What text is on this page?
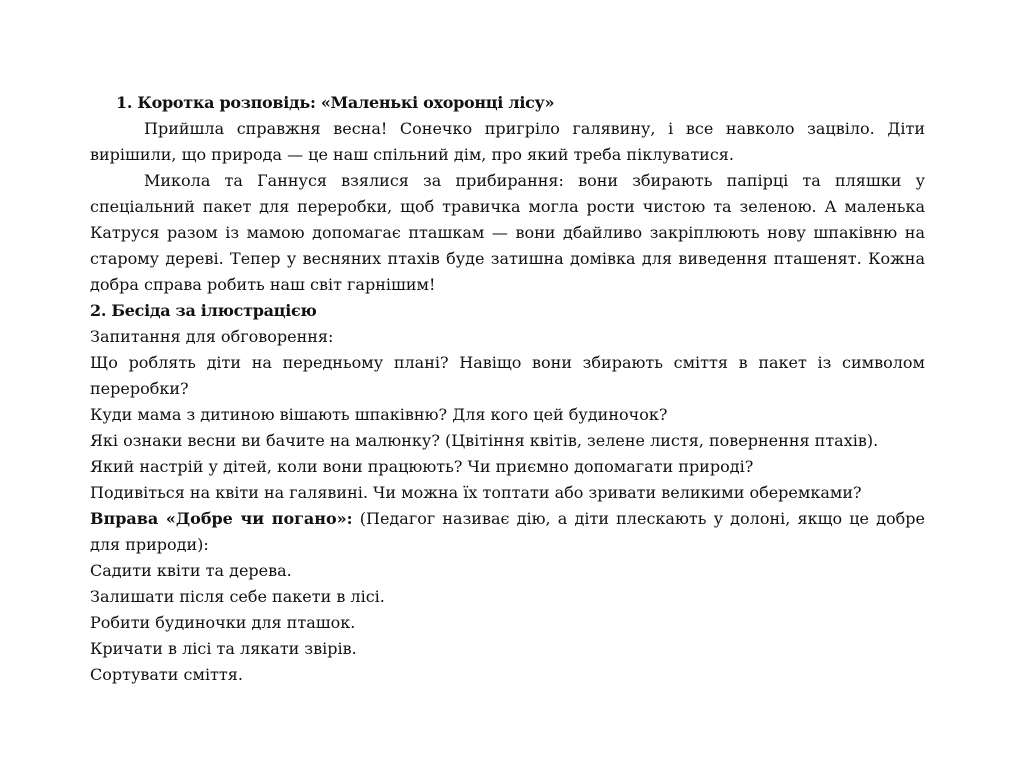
1. Коротка розповідь: «Маленькі охоронці лісу»

Прийшла справжня весна! Сонечко пригріло галявину, і все навколо зацвіло. Діти вирішили, що природа — це наш спільний дім, про який треба піклуватися.

Микола та Ганнуся взялися за прибирання: вони збирають папірці та пляшки у спеціальний пакет для переробки, щоб травичка могла рости чистою та зеленою. А маленька Катруся разом із мамою допомагає пташкам — вони дбайливо закріплюють нову шпаківню на старому дереві. Тепер у весняних птахів буде затишна домівка для виведення пташенят. Кожна добра справа робить наш світ гарнішим!

2. Бесіда за ілюстрацією

Запитання для обговорення:

Що роблять діти на передньому плані? Навіщо вони збирають сміття в пакет із символом переробки?

Куди мама з дитиною вішають шпаківню? Для кого цей будиночок?

Які ознаки весни ви бачите на малюнку? (Цвітіння квітів, зелене листя, повернення птахів).

Який настрій у дітей, коли вони працюють? Чи приємно допомагати природі?

Подивіться на квіти на галявині. Чи можна їх топтати або зривати великими оберемками?

Вправа «Добре чи погано»: (Педагог називає дію, а діти плескають у долоні, якщо це добре для природи):

Садити квіти та дерева.

Залишати після себе пакети в лісі.

Робити будиночки для пташок.

Кричати в лісі та лякати звірів.

Сортувати сміття.
